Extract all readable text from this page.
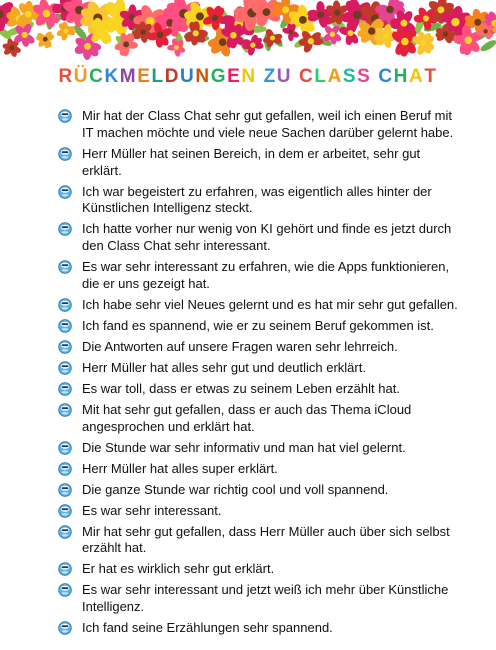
RÜCKMELDUNGEN ZU CLASS CHAT
Mir hat der Class Chat sehr gut gefallen, weil ich einen Beruf mit IT machen möchte und viele neue Sachen darüber gelernt habe.
Herr Müller hat seinen Bereich, in dem er arbeitet, sehr gut erklärt.
Ich war begeistert zu erfahren, was eigentlich alles hinter der Künstlichen Intelligenz steckt.
Ich hatte vorher nur wenig von KI gehört und finde es jetzt durch den Class Chat sehr interessant.
Es war sehr interessant zu erfahren, wie die Apps funktionieren, die er uns gezeigt hat.
Ich habe sehr viel Neues gelernt und es hat mir sehr gut gefallen.
Ich fand es spannend, wie er zu seinem Beruf gekommen ist.
Die Antworten auf unsere Fragen waren sehr lehrreich.
Herr Müller hat alles sehr gut und deutlich erklärt.
Es war toll, dass er etwas zu seinem Leben erzählt hat.
Mit hat sehr gut gefallen, dass er auch das Thema iCloud angesprochen und erklärt hat.
Die Stunde war sehr informativ und man hat viel gelernt.
Herr Müller hat alles super erklärt.
Die ganze Stunde war richtig cool und voll spannend.
Es war sehr interessant.
Mir hat sehr gut gefallen, dass Herr Müller auch über sich selbst erzählt hat.
Er hat es wirklich sehr gut erklärt.
Es war sehr interessant und jetzt weiß ich mehr über Künstliche Intelligenz.
Ich fand seine Erzählungen sehr spannend.
